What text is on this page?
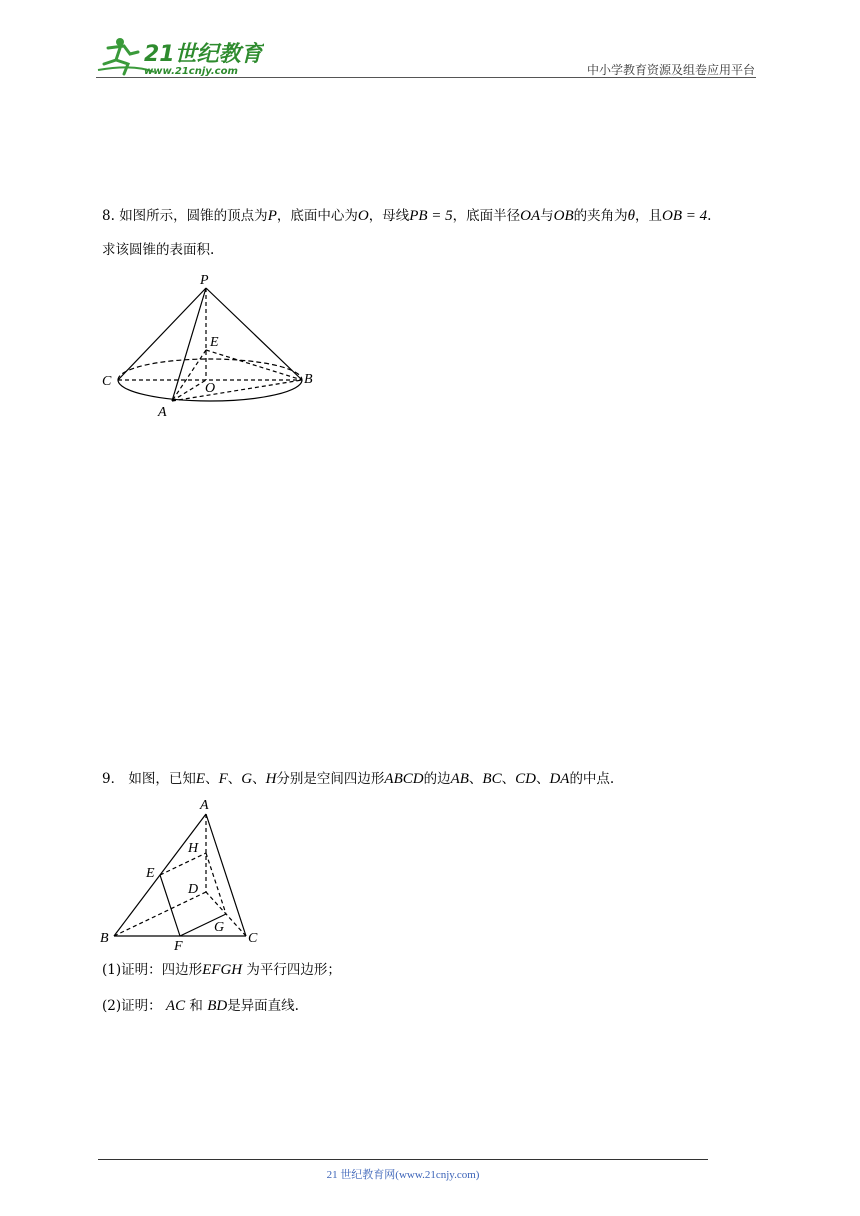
21世纪教育
www.21cnjy.com	中小学教育资源及组卷应用平台
8. 如图所示，圆锥的顶点为P，底面中心为O，母线PB = 5，底面半径OA与OB的夹角为θ，且OB = 4.
求该圆锥的表面积.
P
E
C	B
O
A
9． 如图，已知E、F、G、H分别是空间四边形ABCD的边AB、BC、CD、DA的中点.
A
H
E
D
G
B
F
C
(1)证明：四边形EFGH 为平行四边形；
(2)证明： AC 和 BD是异面直线.
21 世纪教育网(www.21cnjy.com)
